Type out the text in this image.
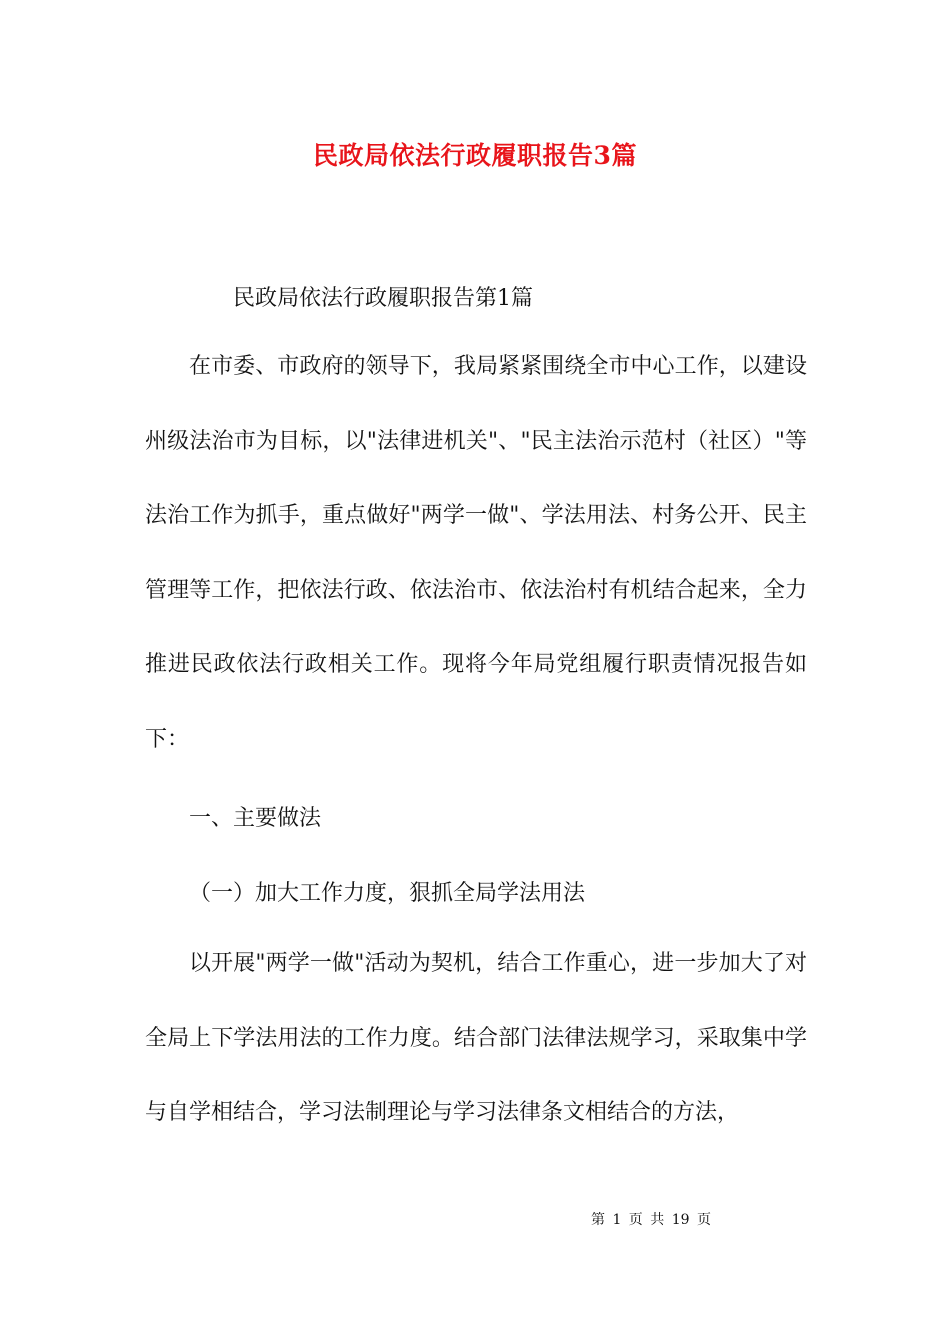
民政局依法行政履职报告3篇
民政局依法行政履职报告第1篇
在市委、市政府的领导下，我局紧紧围绕全市中心工作，以建设州级法治市为目标，以"法律进机关"、"民主法治示范村（社区）"等法治工作为抓手，重点做好"两学一做"、学法用法、村务公开、民主管理等工作，把依法行政、依法治市、依法治村有机结合起来，全力推进民政依法行政相关工作。现将今年局党组履行职责情况报告如下：
一、主要做法
（一）加大工作力度，狠抓全局学法用法
以开展"两学一做"活动为契机，结合工作重心，进一步加大了对全局上下学法用法的工作力度。结合部门法律法规学习，采取集中学与自学相结合，学习法制理论与学习法律条文相结合的方法，
第 1 页 共 19 页
